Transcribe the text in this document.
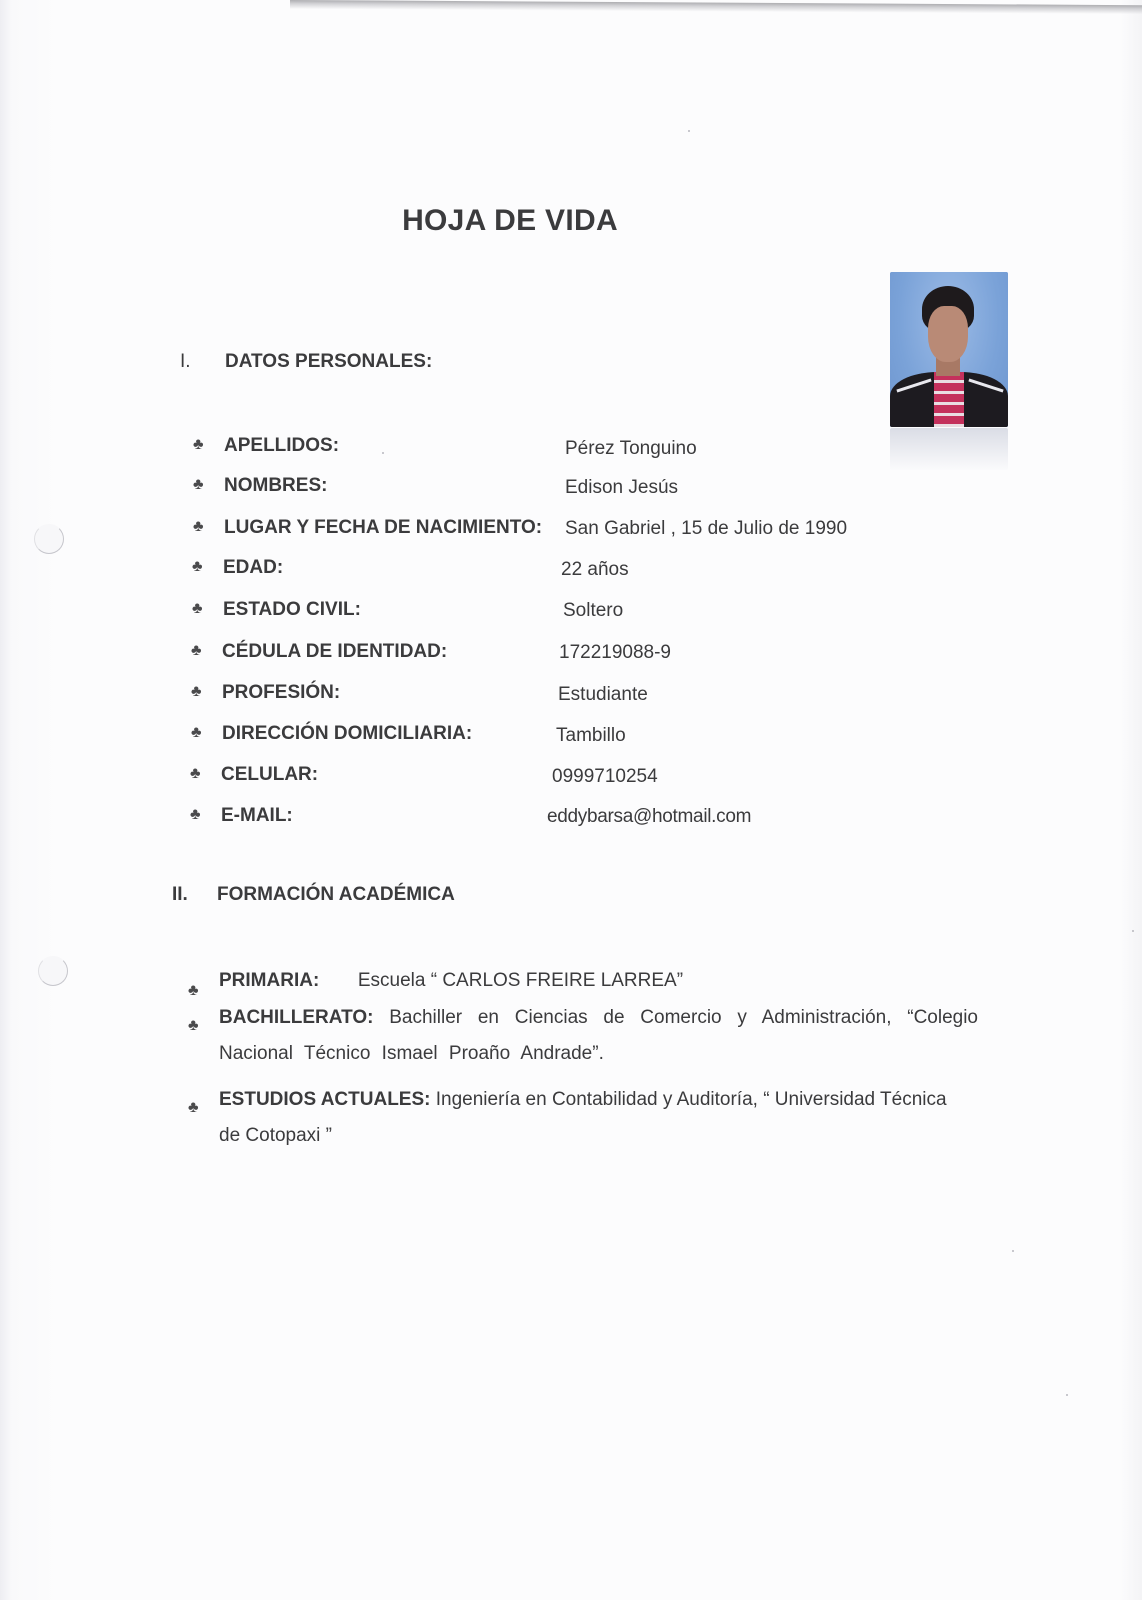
HOJA DE VIDA
I.	DATOS PERSONALES:
♣ APELLIDOS:	Pérez Tonguino
♣ NOMBRES:	Edison Jesús
♣ LUGAR Y FECHA DE NACIMIENTO: San Gabriel , 15 de Julio de 1990
♣ EDAD:	22 años
♣ ESTADO CIVIL:	Soltero
♣ CÉDULA DE IDENTIDAD:	172219088-9
♣ PROFESIÓN:	Estudiante
♣ DIRECCIÓN DOMICILIARIA:	Tambillo
♣ CELULAR:	0999710254
♣ E-MAIL:	eddybarsa@hotmail.com
II.	FORMACIÓN ACADÉMICA
♣ PRIMARIA: Escuela “ CARLOS FREIRE LARREA”
♣ BACHILLERATO: Bachiller en Ciencias de Comercio y Administración, “Colegio Nacional Técnico Ismael Proaño Andrade”.
♣ ESTUDIOS ACTUALES: Ingeniería en Contabilidad y Auditoría, “ Universidad Técnica de Cotopaxi ”
